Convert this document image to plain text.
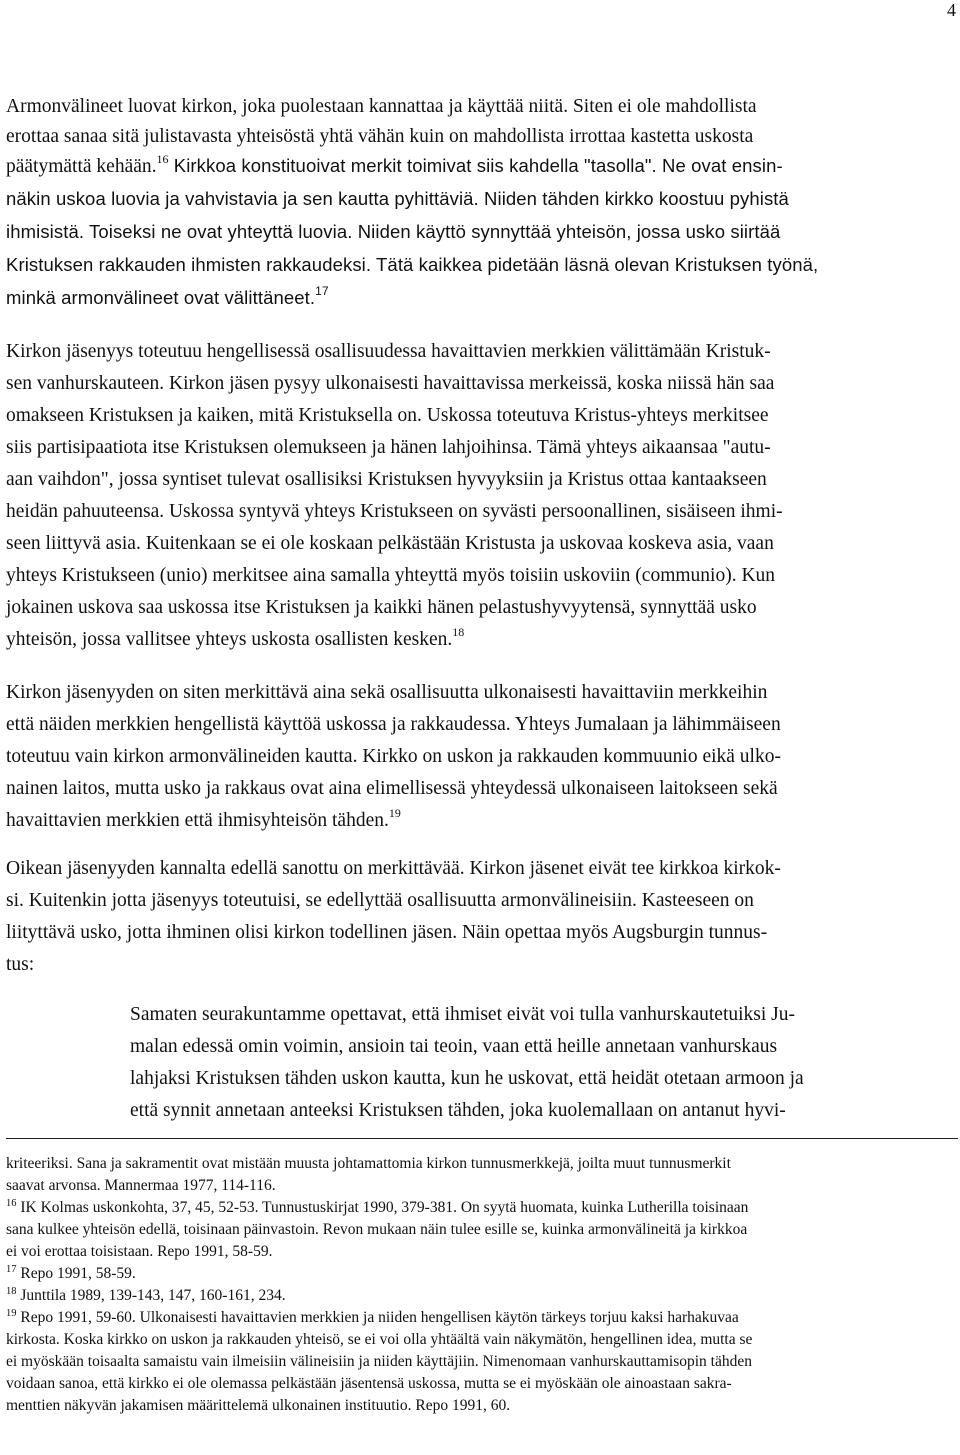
4
Armonvälineet luovat kirkon, joka puolestaan kannattaa ja käyttää niitä. Siten ei ole mahdollista
erottaa sanaa sitä julistavasta yhteisöstä yhtä vähän kuin on mahdollista irrottaa kastetta uskosta
päätymättä kehään.$^{16}$ Kirkkoa konstituoivat merkit toimivat siis kahdella "tasolla". Ne ovat ensin-
näkin uskoa luovia ja vahvistavia ja sen kautta pyhittäviä. Niiden tähden kirkko koostuu pyhistä
ihmisistä. Toiseksi ne ovat yhteyttä luovia. Niiden käyttö synnyttää yhteisön, jossa usko siirtää
Kristuksen rakkauden ihmisten rakkaudeksi. Tätä kaikkea pidetään läsnä olevan Kristuksen työnä,
minkä armonvälineet ovat välittäneet.$^{17}$
Kirkon jäsenyys toteutuu hengellisessä osallisuudessa havaittavien merkkien välittämään Kristuk-
sen vanhurskauteen. Kirkon jäsen pysyy ulkonaisesti havaittavissa merkeissä, koska niissä hän saa
omakseen Kristuksen ja kaiken, mitä Kristuksella on. Uskossa toteutuva Kristus-yhteys merkitsee
siis partisipaatiota itse Kristuksen olemukseen ja hänen lahjoihinsa. Tämä yhteys aikaansaa "autu-
aan vaihdon", jossa syntiset tulevat osallisiksi Kristuksen hyvyyksiin ja Kristus ottaa kantaakseen
heidän pahuuteensa. Uskossa syntyvä yhteys Kristukseen on syvästi persoonallinen, sisäiseen ihmi-
seen liittyvä asia. Kuitenkaan se ei ole koskaan pelkästään Kristusta ja uskovaa koskeva asia, vaan
yhteys Kristukseen (unio) merkitsee aina samalla yhteyttä myös toisiin uskoviin (communio). Kun
jokainen uskova saa uskossa itse Kristuksen ja kaikki hänen pelastushyvyytensä, synnyttää usko
yhteisön, jossa vallitsee yhteys uskosta osallisten kesken.$^{18}$
Kirkon jäsenyyden on siten merkittävä aina sekä osallisuutta ulkonaisesti havaittaviin merkkeihin
että näiden merkkien hengellistä käyttöä uskossa ja rakkaudessa. Yhteys Jumalaan ja lähimmäiseen
toteutuu vain kirkon armonvälineiden kautta. Kirkko on uskon ja rakkauden kommuunio eikä ulko-
nainen laitos, mutta usko ja rakkaus ovat aina elimellisessä yhteydessä ulkonaiseen laitokseen sekä
havaittavien merkkien että ihmisyhteisön tähden.$^{19}$
Oikean jäsenyyden kannalta edellä sanottu on merkittävää. Kirkon jäsenet eivät tee kirkkoa kirkok-
si. Kuitenkin jotta jäsenyys toteutuisi, se edellyttää osallisuutta armonvälineisiin. Kasteeseen on
liityttävä usko, jotta ihminen olisi kirkon todellinen jäsen. Näin opettaa myös Augsburgin tunnus-
tus:
Samaten seurakuntamme opettavat, että ihmiset eivät voi tulla vanhurskautetuiksi Ju-
malan edessä omin voimin, ansioin tai teoin, vaan että heille annetaan vanhurskaus
lahjaksi Kristuksen tähden uskon kautta, kun he uskovat, että heidät otetaan armoon ja
että synnit annetaan anteeksi Kristuksen tähden, joka kuolemallaan on antanut hyvi-
kriteeriksi. Sana ja sakramentit ovat mistään muusta johtamattomia kirkon tunnusmerkkejä, joilta muut tunnusmerkit
saavat arvonsa. Mannermaa 1977, 114-116.
$^{16}$ IK Kolmas uskonkohta, 37, 45, 52-53. Tunnustuskirjat 1990, 379-381. On syytä huomata, kuinka Lutherilla toisinaan
sana kulkee yhteisön edellä, toisinaan päinvastoin. Revon mukaan näin tulee esille se, kuinka armonvälineitä ja kirkkoa
ei voi erottaa toisistaan. Repo 1991, 58-59.
$^{17}$ Repo 1991, 58-59.
$^{18}$ Junttila 1989, 139-143, 147, 160-161, 234.
$^{19}$ Repo 1991, 59-60. Ulkonaisesti havaittavien merkkien ja niiden hengellisen käytön tärkeys torjuu kaksi harhakuvaa
kirkosta. Koska kirkko on uskon ja rakkauden yhteisö, se ei voi olla yhtäältä vain näkymätön, hengellinen idea, mutta se
ei myöskään toisaalta samaistu vain ilmeisiin välineisiin ja niiden käyttäjiin. Nimenomaan vanhurskauttamisopin tähden
voidaan sanoa, että kirkko ei ole olemassa pelkästään jäsentensä uskossa, mutta se ei myöskään ole ainoastaan sakra-
menttien näkyvän jakamisen määrittelemä ulkonainen instituutio. Repo 1991, 60.
